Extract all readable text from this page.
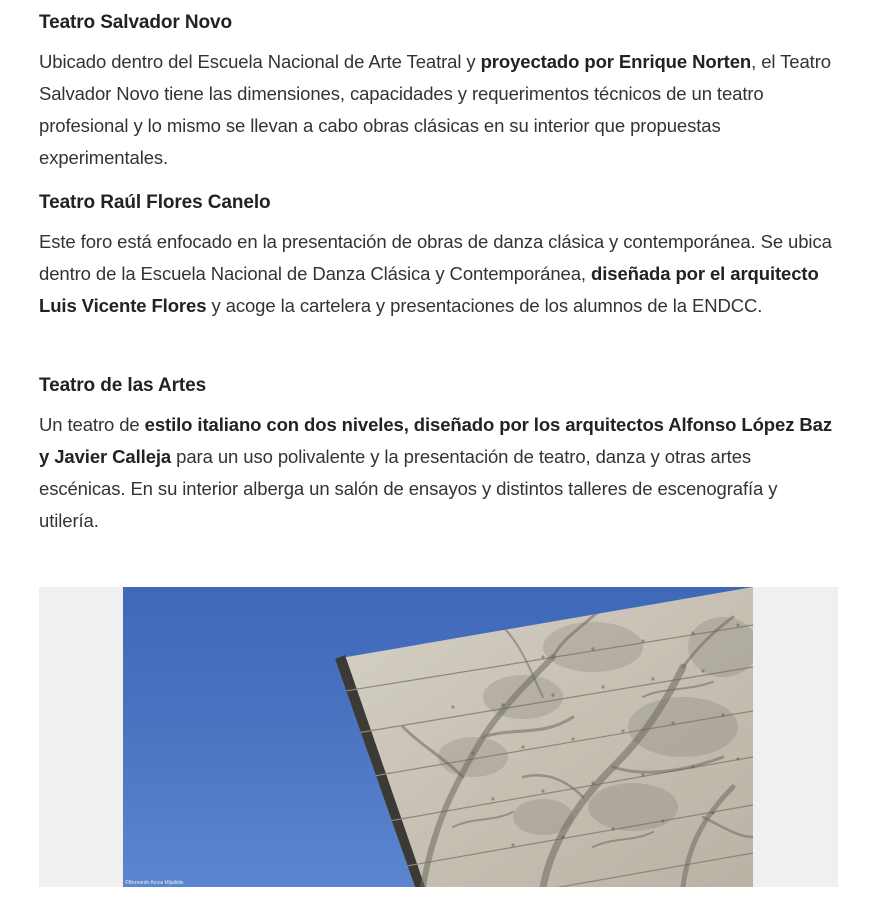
Teatro Salvador Novo

Ubicado dentro del Escuela Nacional de Arte Teatral y proyectado por Enrique Norten, el Teatro Salvador Novo tiene las dimensiones, capacidades y requerimentos técnicos de un teatro profesional y lo mismo se llevan a cabo obras clásicas en su interior que propuestas experimentales.

Teatro Raúl Flores Canelo

Este foro está enfocado en la presentación de obras de danza clásica y contemporánea. Se ubica dentro de la Escuela Nacional de Danza Clásica y Contemporánea, diseñada por el arquitecto Luis Vicente Flores y acoge la cartelera y presentaciones de los alumnos de la ENDCC.

Teatro de las Artes

Un teatro de estilo italiano con dos niveles, diseñado por los arquitectos Alfonso López Baz y Javier Calleja para un uso polivalente y la presentación de teatro, danza y otras artes escénicas. En su interior alberga un salón de ensayos y distintos talleres de escenografía y utilería.

©Bernardo Arcos Mijailidis
